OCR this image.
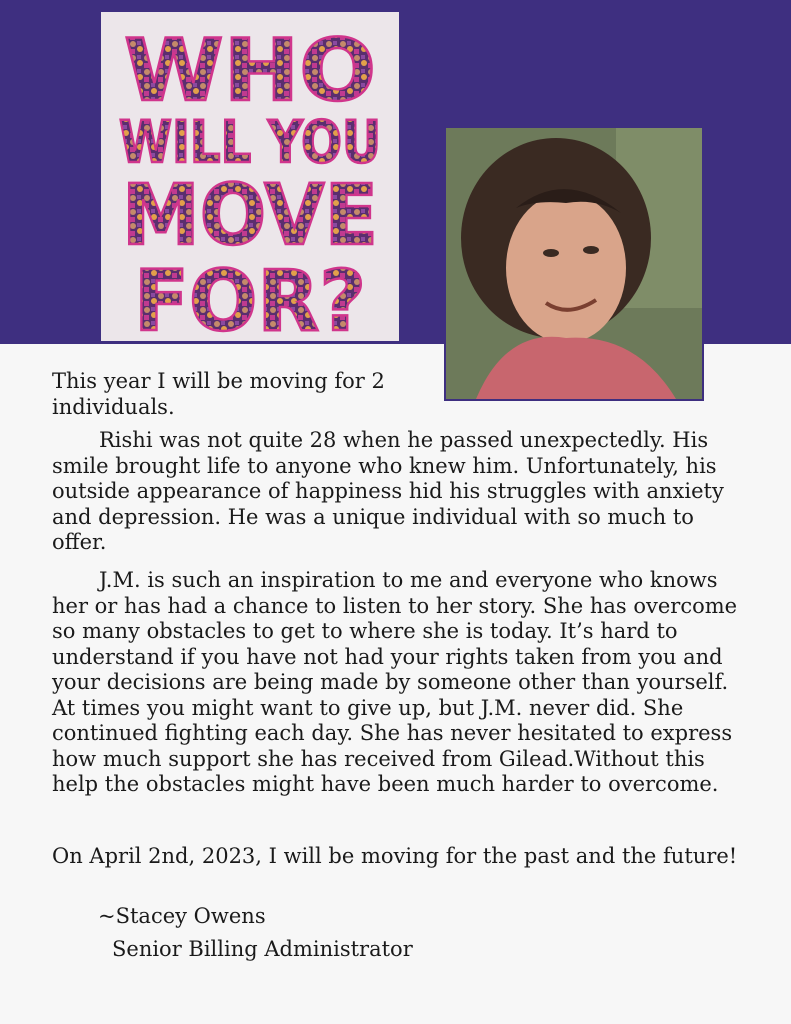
WHO
WILL YOU
MOVE
FOR?

This year I will be moving for 2 individuals.

Rishi was not quite 28 when he passed unexpectedly. His smile brought life to anyone who knew him. Unfortunately, his outside appearance of happiness hid his struggles with anxiety and depression. He was a unique individual with so much to offer.

J.M. is such an inspiration to me and everyone who knows her or has had a chance to listen to her story. She has overcome so many obstacles to get to where she is today. It’s hard to understand if you have not had your rights taken from you and your decisions are being made by someone other than yourself. At times you might want to give up, but J.M. never did. She continued fighting each day. She has never hesitated to express how much support she has received from Gilead.Without this help the obstacles might have been much harder to overcome.

On April 2nd, 2023, I will be moving for the past and the future!

~Stacey Owens

Senior Billing Administrator
